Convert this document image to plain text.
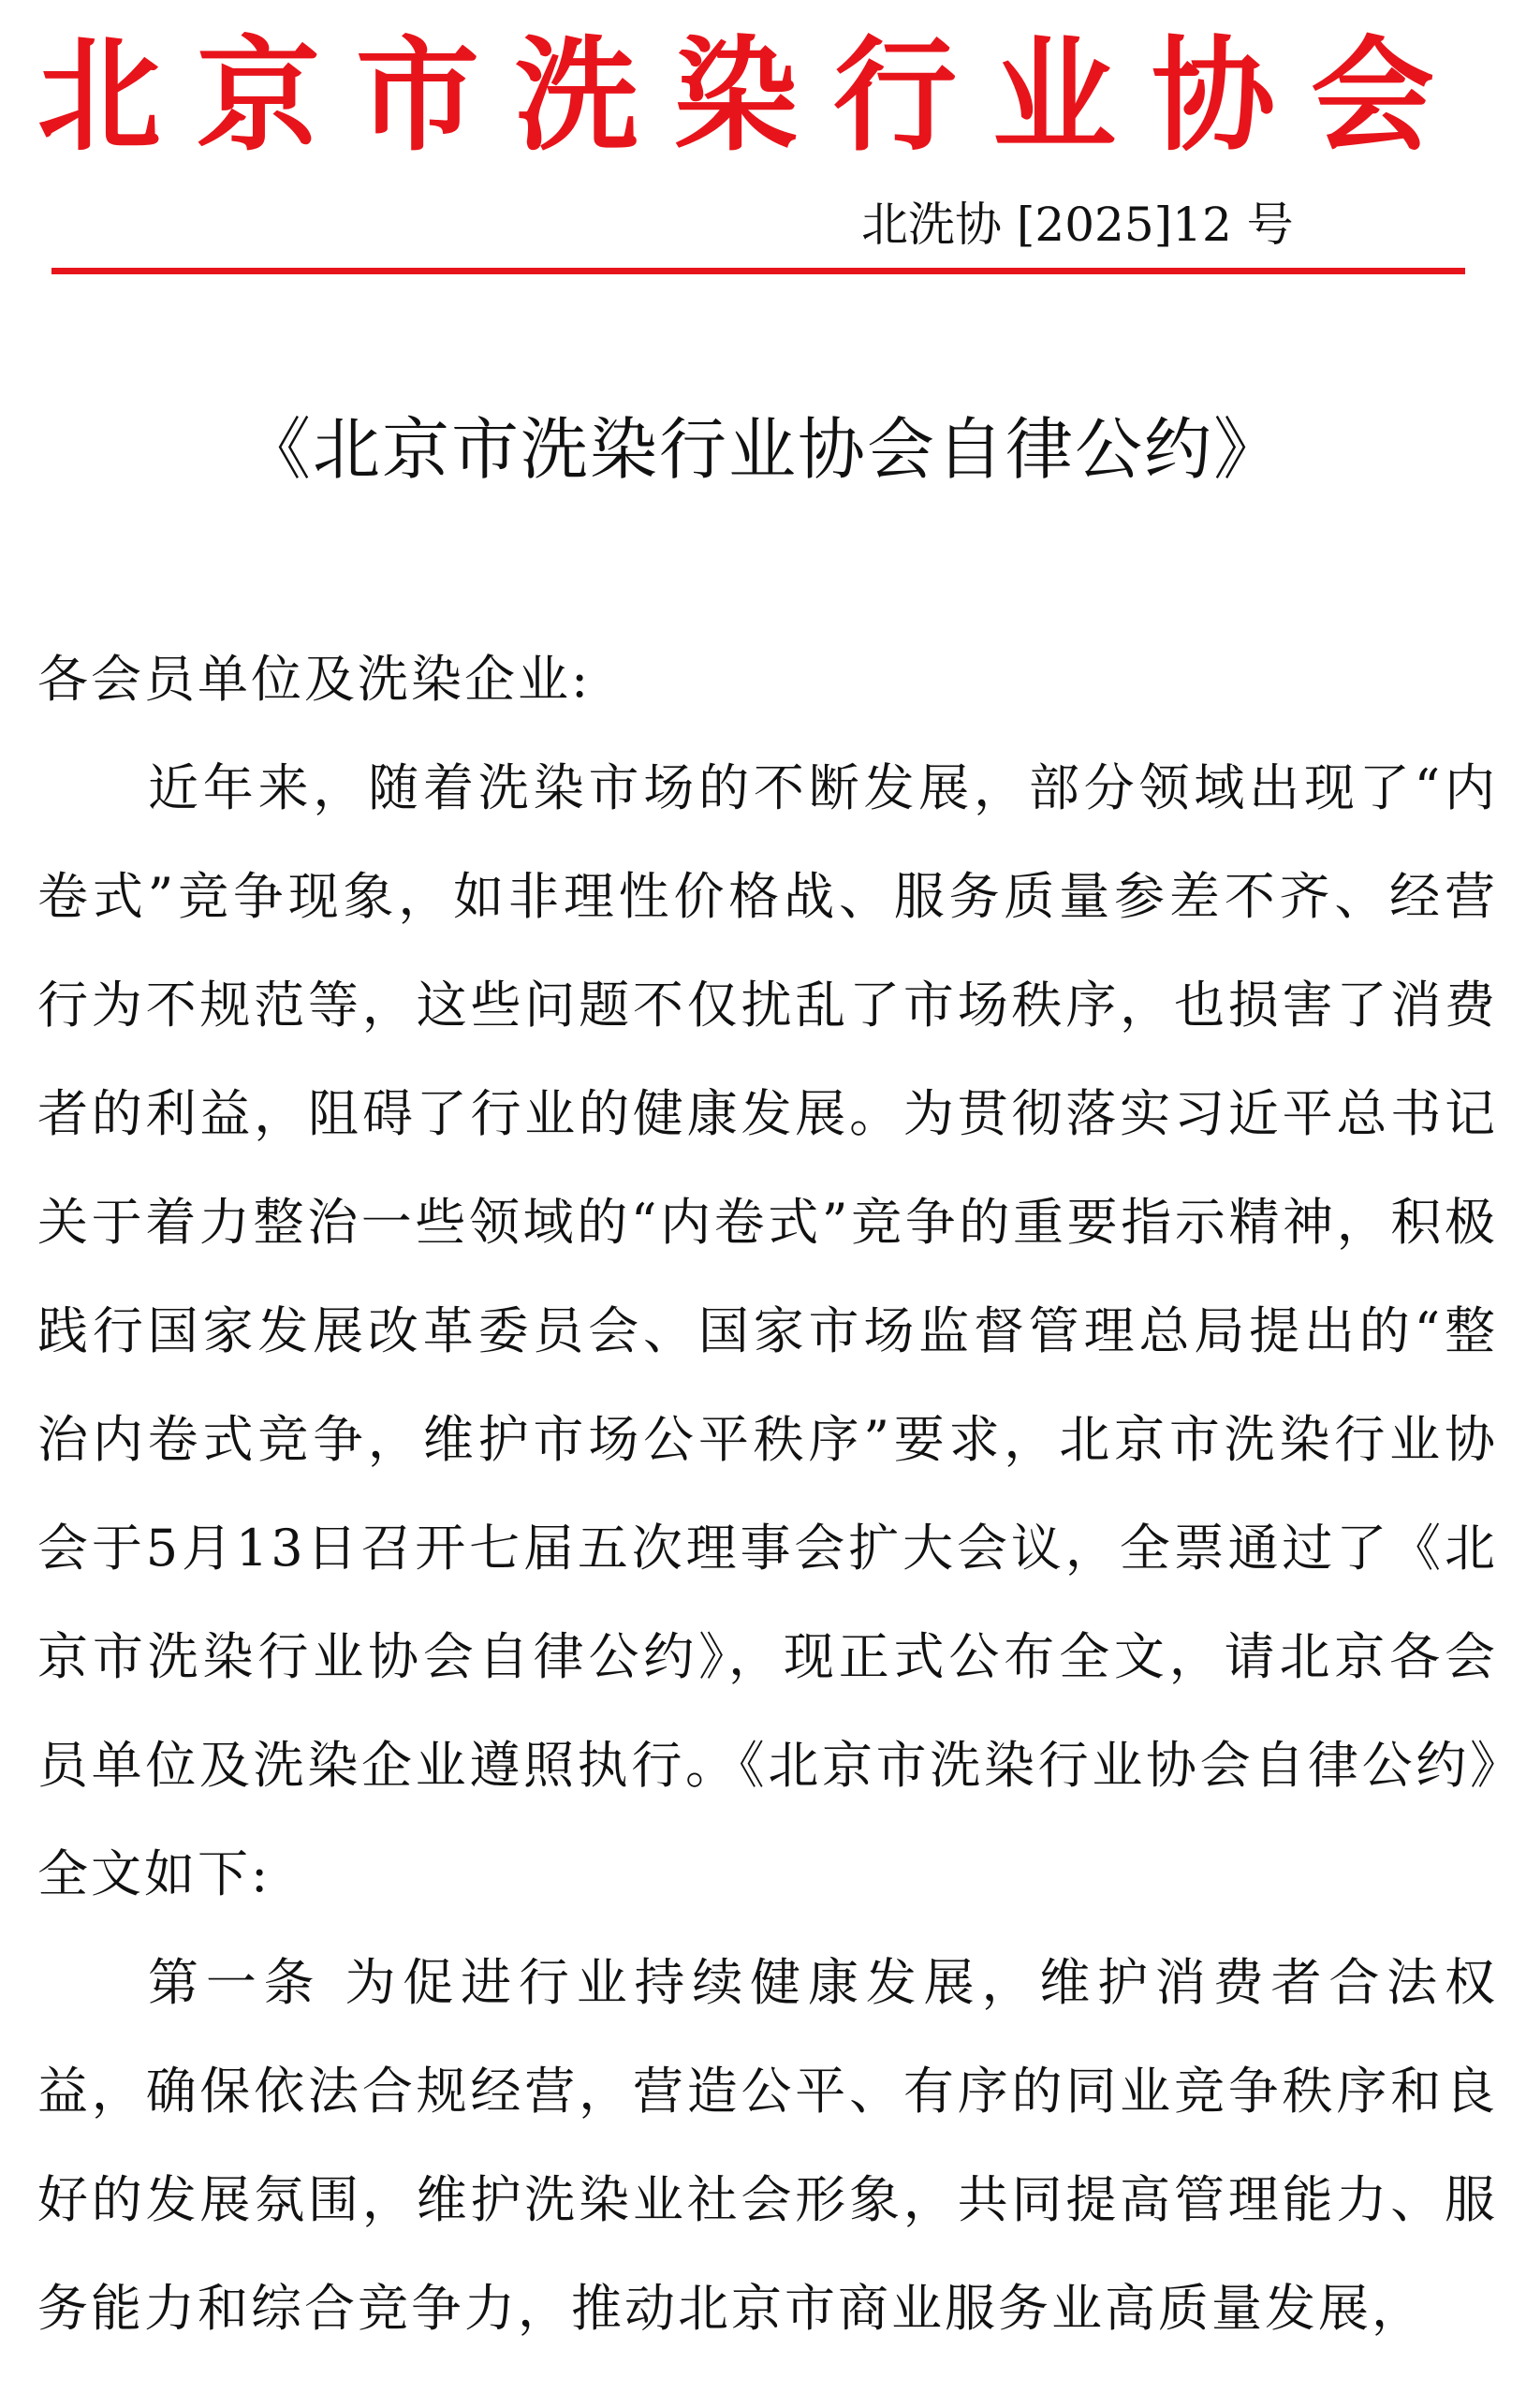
北京市洗染行业协会
北洗协 [2025]12 号
《北京市洗染行业协会自律公约》

各会员单位及洗染企业:

近年来，随着洗染市场的不断发展，部分领域出现了“内卷式”竞争现象，如非理性价格战、服务质量参差不齐、经营行为不规范等，这些问题不仅扰乱了市场秩序，也损害了消费者的利益，阻碍了行业的健康发展。为贯彻落实习近平总书记关于着力整治一些领域的“内卷式”竞争的重要指示精神，积极践行国家发展改革委员会、国家市场监督管理总局提出的“整治内卷式竞争，维护市场公平秩序”要求，北京市洗染行业协会于5月13日召开七届五次理事会扩大会议，全票通过了《北京市洗染行业协会自律公约》，现正式公布全文，请北京各会员单位及洗染企业遵照执行。《北京市洗染行业协会自律公约》全文如下:

第一条 为促进行业持续健康发展，维护消费者合法权益，确保依法合规经营，营造公平、有序的同业竞争秩序和良好的发展氛围，维护洗染业社会形象，共同提高管理能力、服务能力和综合竞争力，推动北京市商业服务业高质量发展，
